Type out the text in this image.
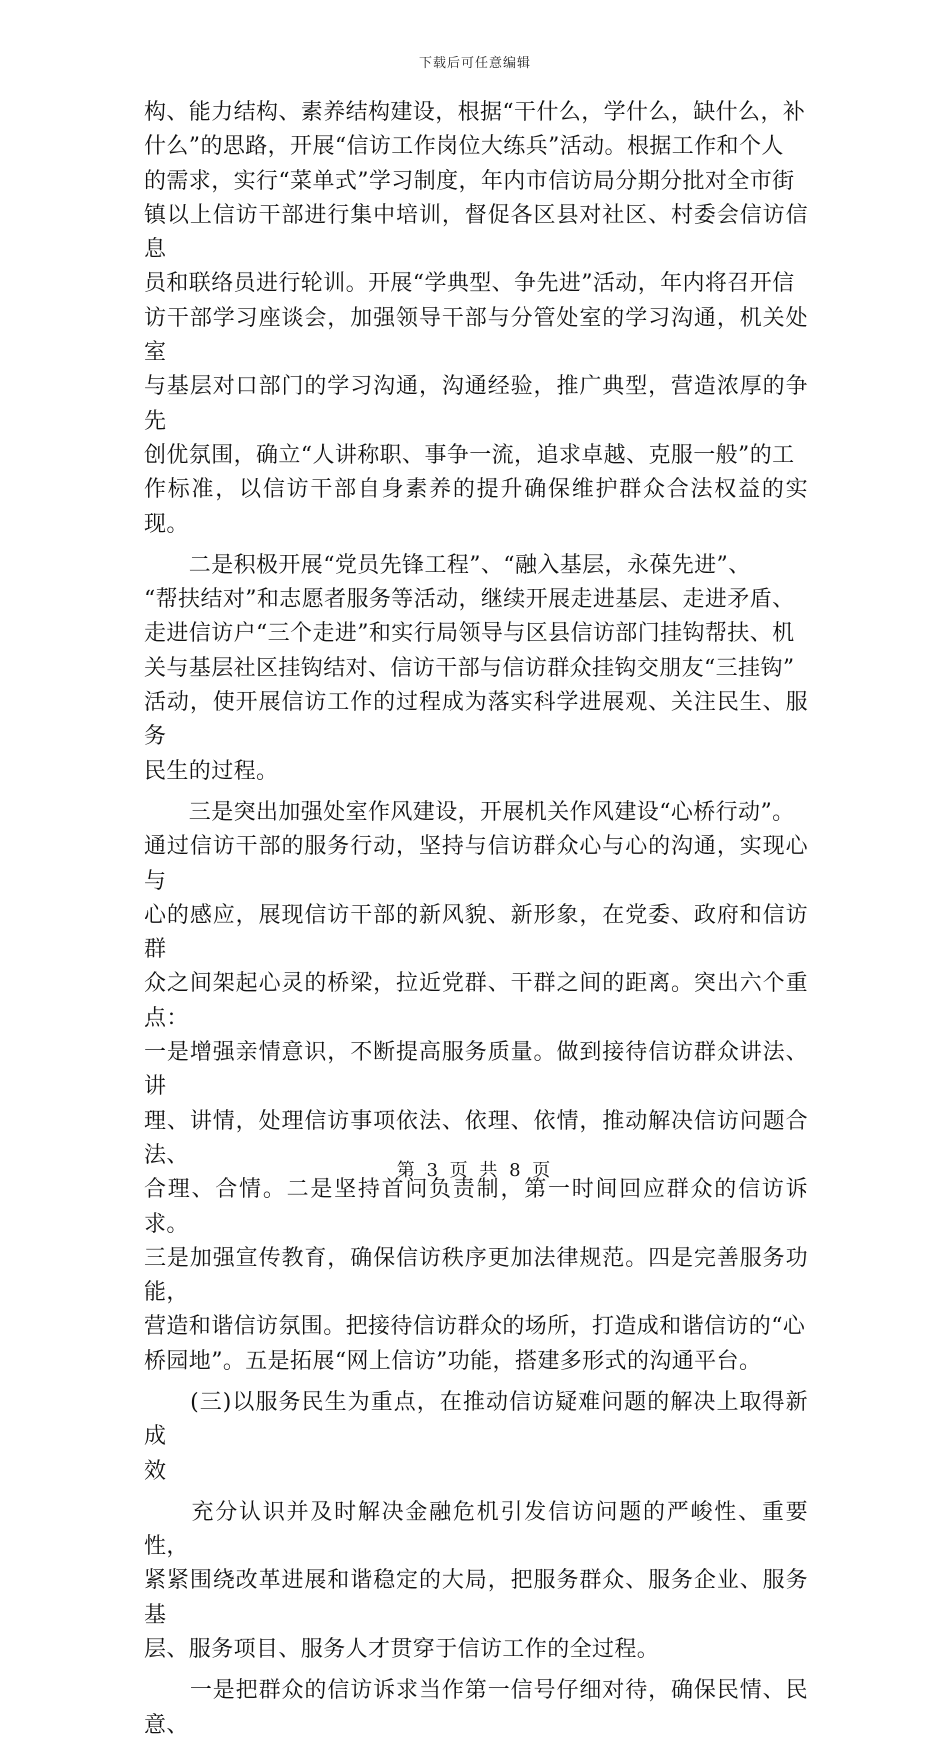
下载后可任意编辑
构、能力结构、素养结构建设，根据“干什么，学什么，缺什么，补
什么”的思路，开展“信访工作岗位大练兵”活动。根据工作和个人
的需求，实行“菜单式”学习制度，年内市信访局分期分批对全市街
镇以上信访干部进行集中培训，督促各区县对社区、村委会信访信息
员和联络员进行轮训。开展“学典型、争先进”活动，年内将召开信
访干部学习座谈会，加强领导干部与分管处室的学习沟通，机关处室
与基层对口部门的学习沟通，沟通经验，推广典型，营造浓厚的争先
创优氛围，确立“人讲称职、事争一流，追求卓越、克服一般”的工
作标准，以信访干部自身素养的提升确保维护群众合法权益的实现。
　　二是积极开展“党员先锋工程”、“融入基层，永葆先进”、
“帮扶结对”和志愿者服务等活动，继续开展走进基层、走进矛盾、
走进信访户“三个走进”和实行局领导与区县信访部门挂钩帮扶、机
关与基层社区挂钩结对、信访干部与信访群众挂钩交朋友“三挂钩”
活动，使开展信访工作的过程成为落实科学进展观、关注民生、服务
民生的过程。
　　三是突出加强处室作风建设，开展机关作风建设“心桥行动”。
通过信访干部的服务行动，坚持与信访群众心与心的沟通，实现心与
心的感应，展现信访干部的新风貌、新形象，在党委、政府和信访群
众之间架起心灵的桥梁，拉近党群、干群之间的距离。突出六个重点：
一是增强亲情意识，不断提高服务质量。做到接待信访群众讲法、讲
理、讲情，处理信访事项依法、依理、依情，推动解决信访问题合法、
合理、合情。二是坚持首问负责制，第一时间回应群众的信访诉求。
三是加强宣传教育，确保信访秩序更加法律规范。四是完善服务功能，
营造和谐信访氛围。把接待信访群众的场所，打造成和谐信访的“心
桥园地”。五是拓展“网上信访”功能，搭建多形式的沟通平台。
　　(三)以服务民生为重点，在推动信访疑难问题的解决上取得新成
效
　　充分认识并及时解决金融危机引发信访问题的严峻性、重要性，
紧紧围绕改革进展和谐稳定的大局，把服务群众、服务企业、服务基
层、服务项目、服务人才贯穿于信访工作的全过程。
　　一是把群众的信访诉求当作第一信号仔细对待，确保民情、民意、
第 3 页 共 8 页
